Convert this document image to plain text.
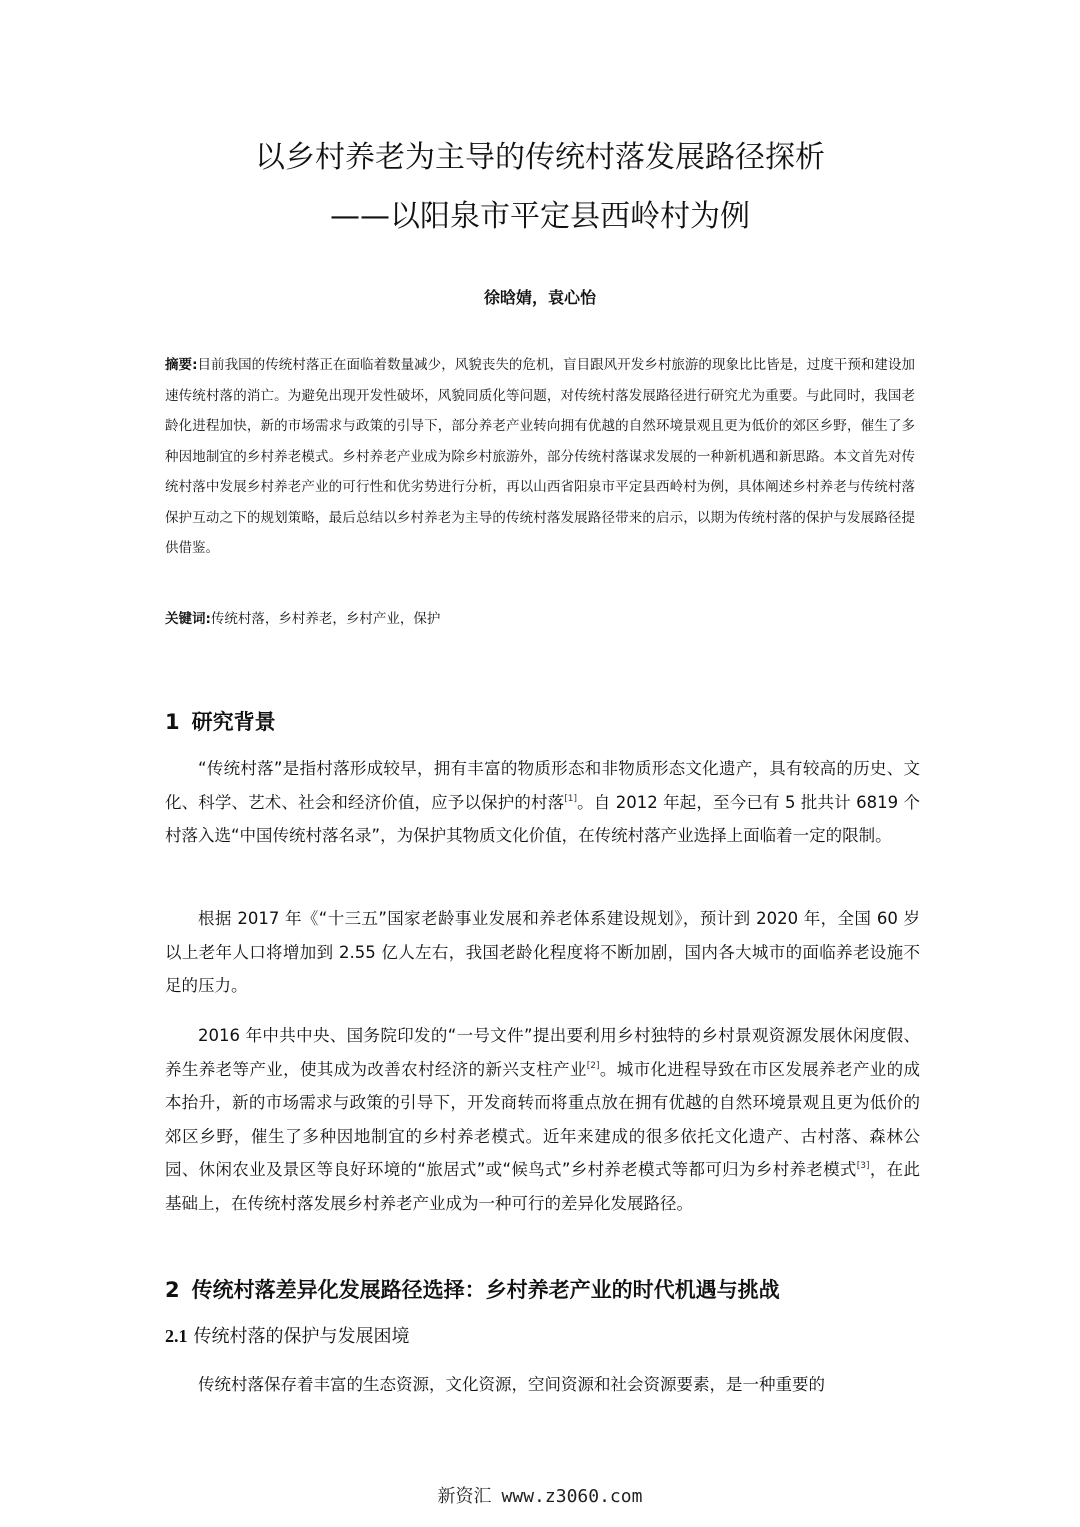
以乡村养老为主导的传统村落发展路径探析
——以阳泉市平定县西岭村为例
徐晗婧，袁心怡

摘要:目前我国的传统村落正在面临着数量减少，风貌丧失的危机，盲目跟风开发乡村旅游的现象比比皆是，过度干预和建设加速传统村落的消亡。为避免出现开发性破坏，风貌同质化等问题，对传统村落发展路径进行研究尤为重要。与此同时，我国老龄化进程加快，新的市场需求与政策的引导下，部分养老产业转向拥有优越的自然环境景观且更为低价的郊区乡野，催生了多种因地制宜的乡村养老模式。乡村养老产业成为除乡村旅游外，部分传统村落谋求发展的一种新机遇和新思路。本文首先对传统村落中发展乡村养老产业的可行性和优劣势进行分析，再以山西省阳泉市平定县西岭村为例，具体阐述乡村养老与传统村落保护互动之下的规划策略，最后总结以乡村养老为主导的传统村落发展路径带来的启示，以期为传统村落的保护与发展路径提供借鉴。

关键词:传统村落，乡村养老，乡村产业，保护

1 研究背景

“传统村落”是指村落形成较早，拥有丰富的物质形态和非物质形态文化遗产，具有较高的历史、文化、科学、艺术、社会和经济价值，应予以保护的村落[1]。自 2012 年起，至今已有 5 批共计 6819 个村落入选“中国传统村落名录”，为保护其物质文化价值，在传统村落产业选择上面临着一定的限制。

根据 2017 年《“十三五”国家老龄事业发展和养老体系建设规划》，预计到 2020 年，全国 60 岁以上老年人口将增加到 2.55 亿人左右，我国老龄化程度将不断加剧，国内各大城市的面临养老设施不足的压力。

2016 年中共中央、国务院印发的“一号文件”提出要利用乡村独特的乡村景观资源发展休闲度假、养生养老等产业，使其成为改善农村经济的新兴支柱产业[2]。城市化进程导致在市区发展养老产业的成本抬升，新的市场需求与政策的引导下，开发商转而将重点放在拥有优越的自然环境景观且更为低价的郊区乡野，催生了多种因地制宜的乡村养老模式。近年来建成的很多依托文化遗产、古村落、森林公园、休闲农业及景区等良好环境的“旅居式”或“候鸟式”乡村养老模式等都可归为乡村养老模式[3]，在此基础上，在传统村落发展乡村养老产业成为一种可行的差异化发展路径。

2 传统村落差异化发展路径选择：乡村养老产业的时代机遇与挑战
2.1 传统村落的保护与发展困境

传统村落保存着丰富的生态资源，文化资源，空间资源和社会资源要素，是一种重要的

新资汇 www.z3060.com
